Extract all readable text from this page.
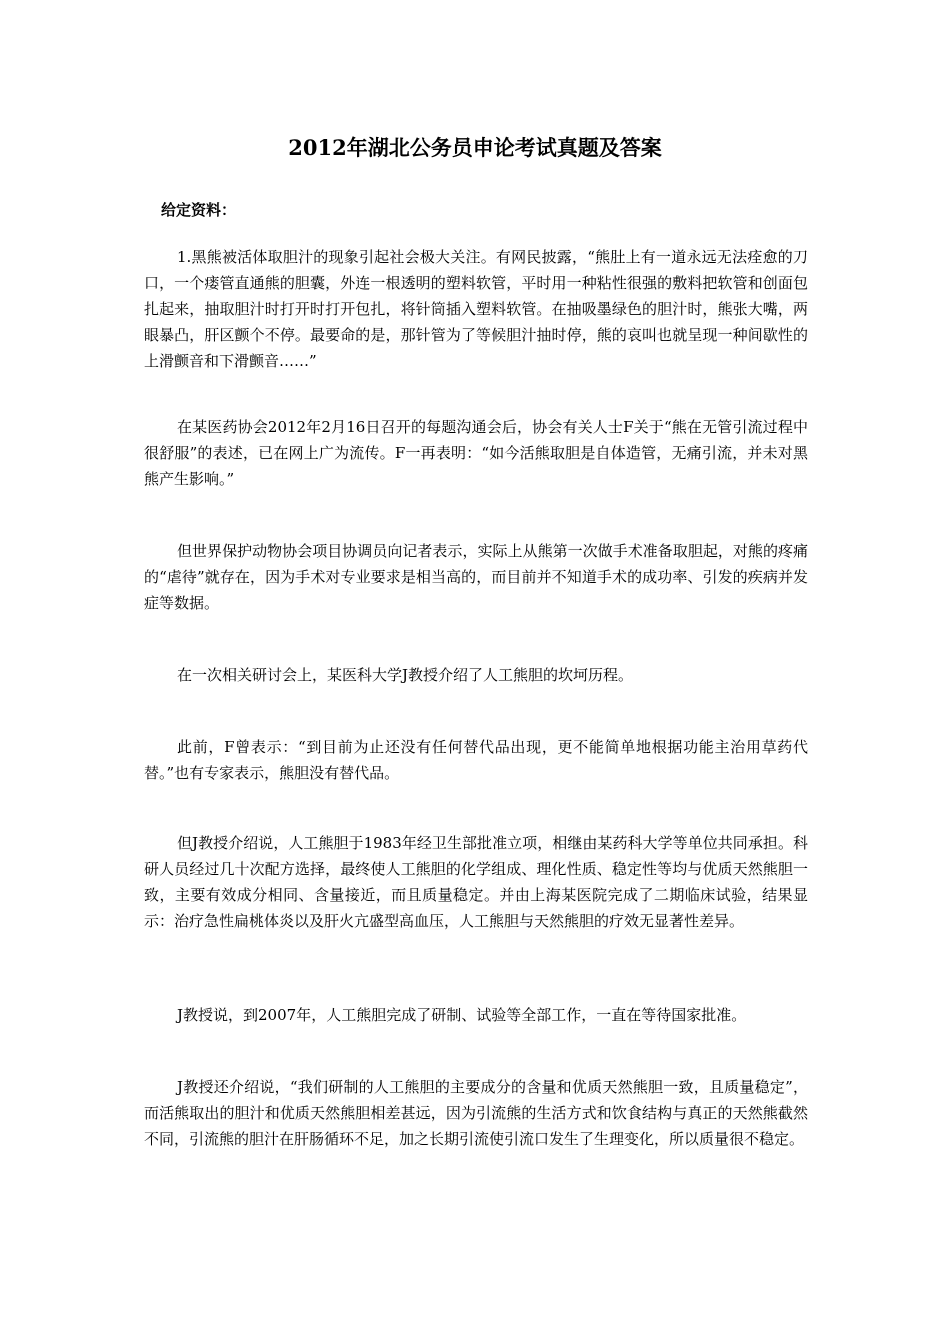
2012年湖北公务员申论考试真题及答案

给定资料：

1.黑熊被活体取胆汁的现象引起社会极大关注。有网民披露，“熊肚上有一道永远无法痊愈的刀口，一个瘘管直通熊的胆囊，外连一根透明的塑料软管，平时用一种粘性很强的敷料把软管和创面包扎起来，抽取胆汁时打开时打开包扎，将针筒插入塑料软管。在抽吸墨绿色的胆汁时，熊张大嘴，两眼暴凸，肝区颤个不停。最要命的是，那针管为了等候胆汁抽时停，熊的哀叫也就呈现一种间歇性的上滑颤音和下滑颤音……”

在某医药协会2012年2月16日召开的每题沟通会后，协会有关人士F关于“熊在无管引流过程中很舒服”的表述，已在网上广为流传。F一再表明：“如今活熊取胆是自体造管，无痛引流，并未对黑熊产生影响。”

但世界保护动物协会项目协调员向记者表示，实际上从熊第一次做手术准备取胆起，对熊的疼痛的“虐待”就存在，因为手术对专业要求是相当高的，而目前并不知道手术的成功率、引发的疾病并发症等数据。

在一次相关研讨会上，某医科大学J教授介绍了人工熊胆的坎坷历程。

此前，F曾表示：“到目前为止还没有任何替代品出现，更不能简单地根据功能主治用草药代替。”也有专家表示，熊胆没有替代品。

但J教授介绍说，人工熊胆于1983年经卫生部批准立项，相继由某药科大学等单位共同承担。科研人员经过几十次配方选择，最终使人工熊胆的化学组成、理化性质、稳定性等均与优质天然熊胆一致，主要有效成分相同、含量接近，而且质量稳定。并由上海某医院完成了二期临床试验，结果显示：治疗急性扁桃体炎以及肝火亢盛型高血压，人工熊胆与天然熊胆的疗效无显著性差异。

J教授说，到2007年，人工熊胆完成了研制、试验等全部工作，一直在等待国家批准。

J教授还介绍说，“我们研制的人工熊胆的主要成分的含量和优质天然熊胆一致，且质量稳定”，而活熊取出的胆汁和优质天然熊胆相差甚远，因为引流熊的生活方式和饮食结构与真正的天然熊截然不同，引流熊的胆汁在肝肠循环不足，加之长期引流使引流口发生了生理变化，所以质量很不稳定。
